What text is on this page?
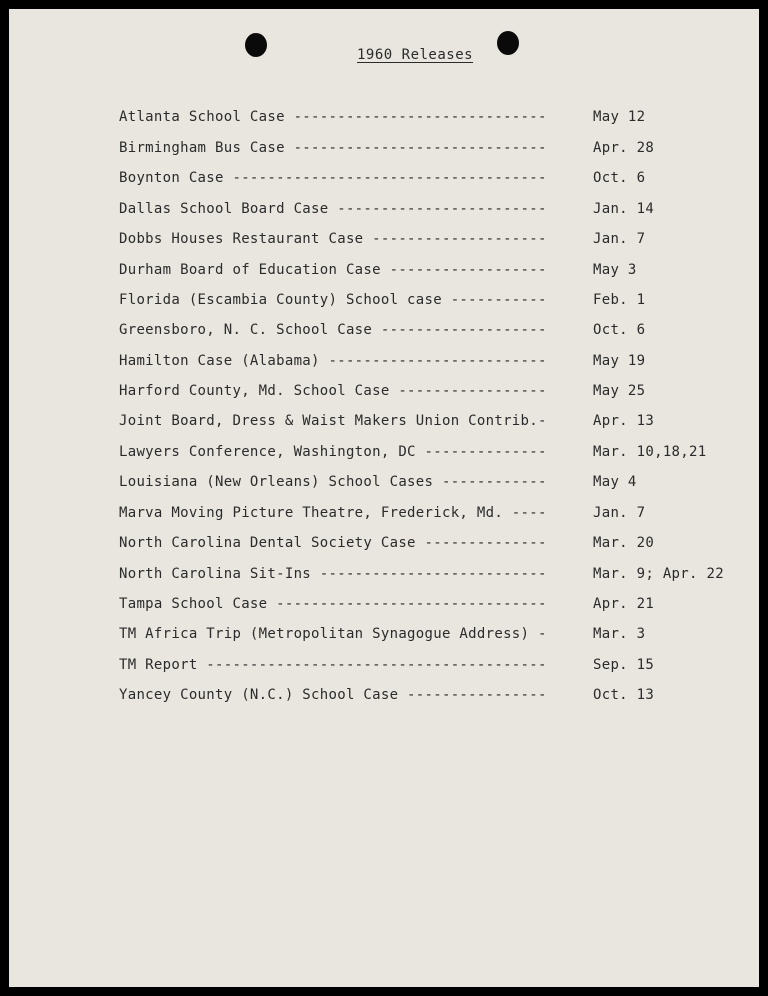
1960 Releases
Atlanta School Case -----------------------------	May 12
Birmingham Bus Case -----------------------------	Apr. 28
Boynton Case ------------------------------------	Oct. 6
Dallas School Board Case ------------------------	Jan. 14
Dobbs Houses Restaurant Case --------------------	Jan. 7
Durham Board of Education Case ------------------	May 3
Florida (Escambia County) School case -----------	Feb. 1
Greensboro, N. C. School Case -------------------	Oct. 6
Hamilton Case (Alabama) -------------------------	May 19
Harford County, Md. School Case -----------------	May 25
Joint Board, Dress & Waist Makers Union Contrib.-	Apr. 13
Lawyers Conference, Washington, DC --------------	Mar. 10,18,21
Louisiana (New Orleans) School Cases ------------	May 4
Marva Moving Picture Theatre, Frederick, Md. ----	Jan. 7
North Carolina Dental Society Case --------------	Mar. 20
North Carolina Sit-Ins --------------------------	Mar. 9; Apr. 22
Tampa School Case -------------------------------	Apr. 21
TM Africa Trip (Metropolitan Synagogue Address) -	Mar. 3
TM Report ---------------------------------------	Sep. 15
Yancey County (N.C.) School Case ----------------	Oct. 13
